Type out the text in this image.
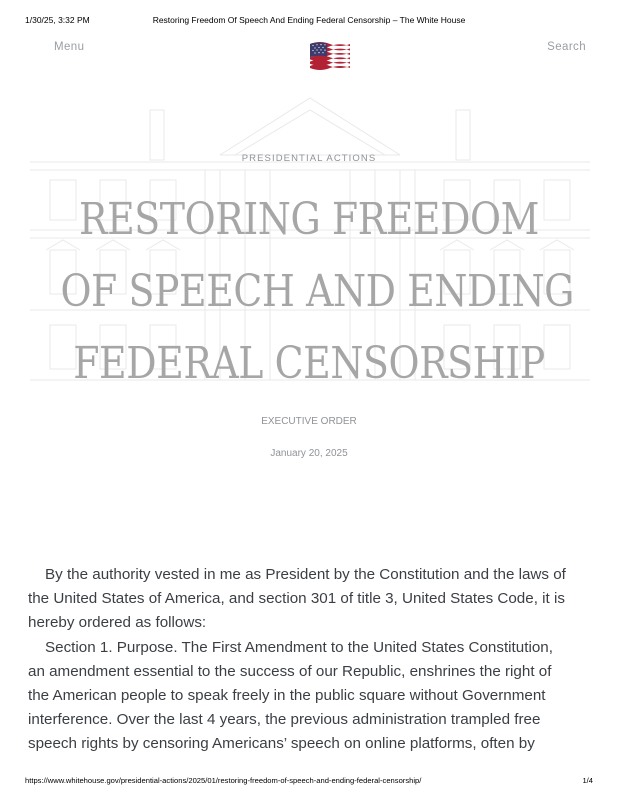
1/30/25, 3:32 PM	Restoring Freedom Of Speech And Ending Federal Censorship – The White House
Menu	Search
PRESIDENTIAL ACTIONS
RESTORING FREEDOM
OF SPEECH AND ENDING
FEDERAL CENSORSHIP
EXECUTIVE ORDER
January 20, 2025

By the authority vested in me as President by the Constitution and the laws of
the United States of America, and section 301 of title 3, United States Code, it is
hereby ordered as follows:

Section 1. Purpose. The First Amendment to the United States Constitution,
an amendment essential to the success of our Republic, enshrines the right of
the American people to speak freely in the public square without Government
interference. Over the last 4 years, the previous administration trampled free
speech rights by censoring Americans’ speech on online platforms, often by

https://www.whitehouse.gov/presidential-actions/2025/01/restoring-freedom-of-speech-and-ending-federal-censorship/	1/4
